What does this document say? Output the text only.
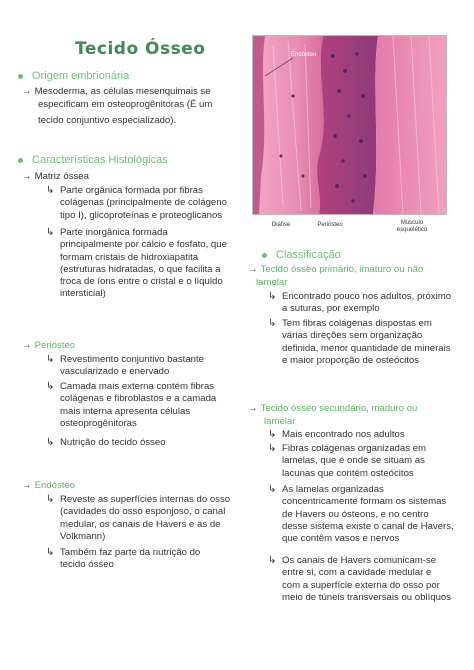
Tecido Ósseo
Origem embrionária
→ Mesoderma, as células mesenquimais se
especificam em osteoprogênitoras (É um
tecido conjuntivo especializado).
Características Histológicas
→ Matriz óssea
↳ Parte orgânica formada por fibras
colágenas (principalmente de colágeno
tipo I), glicoproteínas e proteoglicanos
↳ Parte inorgânica formada
principalmente por cálcio e fosfato, que
formam cristais de hidroxiapatita
(estruturas hidratadas, o que facilita a
troca de íons entre o cristal e o líquido
intersticial)
→ Periósteo
↳ Revestimento conjuntivo bastante
vascularizado e enervado
↳ Camada mais externa contém fibras
colágenas e fibroblastos e a camada
mais interna apresenta células
osteoprogênitoras
↳ Nutrição do tecido ósseo
→ Endósteo
↳ Reveste as superfícies internas do osso
(cavidades do osso esponjoso, o canal
medular, os canais de Havers e as de
Volkmann)
↳ Também faz parte da nutrição do
tecido ósseo
Endósteo
Diáfise	Periósteo	Músculo
esquelético
Classificação
→ Tecido ósseo primário, imaturo ou não
lamelar
↳ Encontrado pouco nos adultos, próximo
a suturas, por exemplo
↳ Tem fibras colágenas dispostas em
várias direções sem organização
definida, menor quantidade de minerais
e maior proporção de osteócitos
→ Tecido ósseo secundário, maduro ou
lamelar
↳ Mais encontrado nos adultos
↳ Fibras colágenas organizadas em
lamelas, que é onde se situam as
lacunas que contém osteócitos
↳ As lamelas organizadas
concentricamente formam os sistemas
de Havers ou ósteons, e no centro
desse sistema existe o canal de Havers,
que contêm vasos e nervos
↳ Os canais de Havers comunicam-se
entre si, com a cavidade medular e
com a superfície externa do osso por
meio de túneis transversais ou oblíquos
